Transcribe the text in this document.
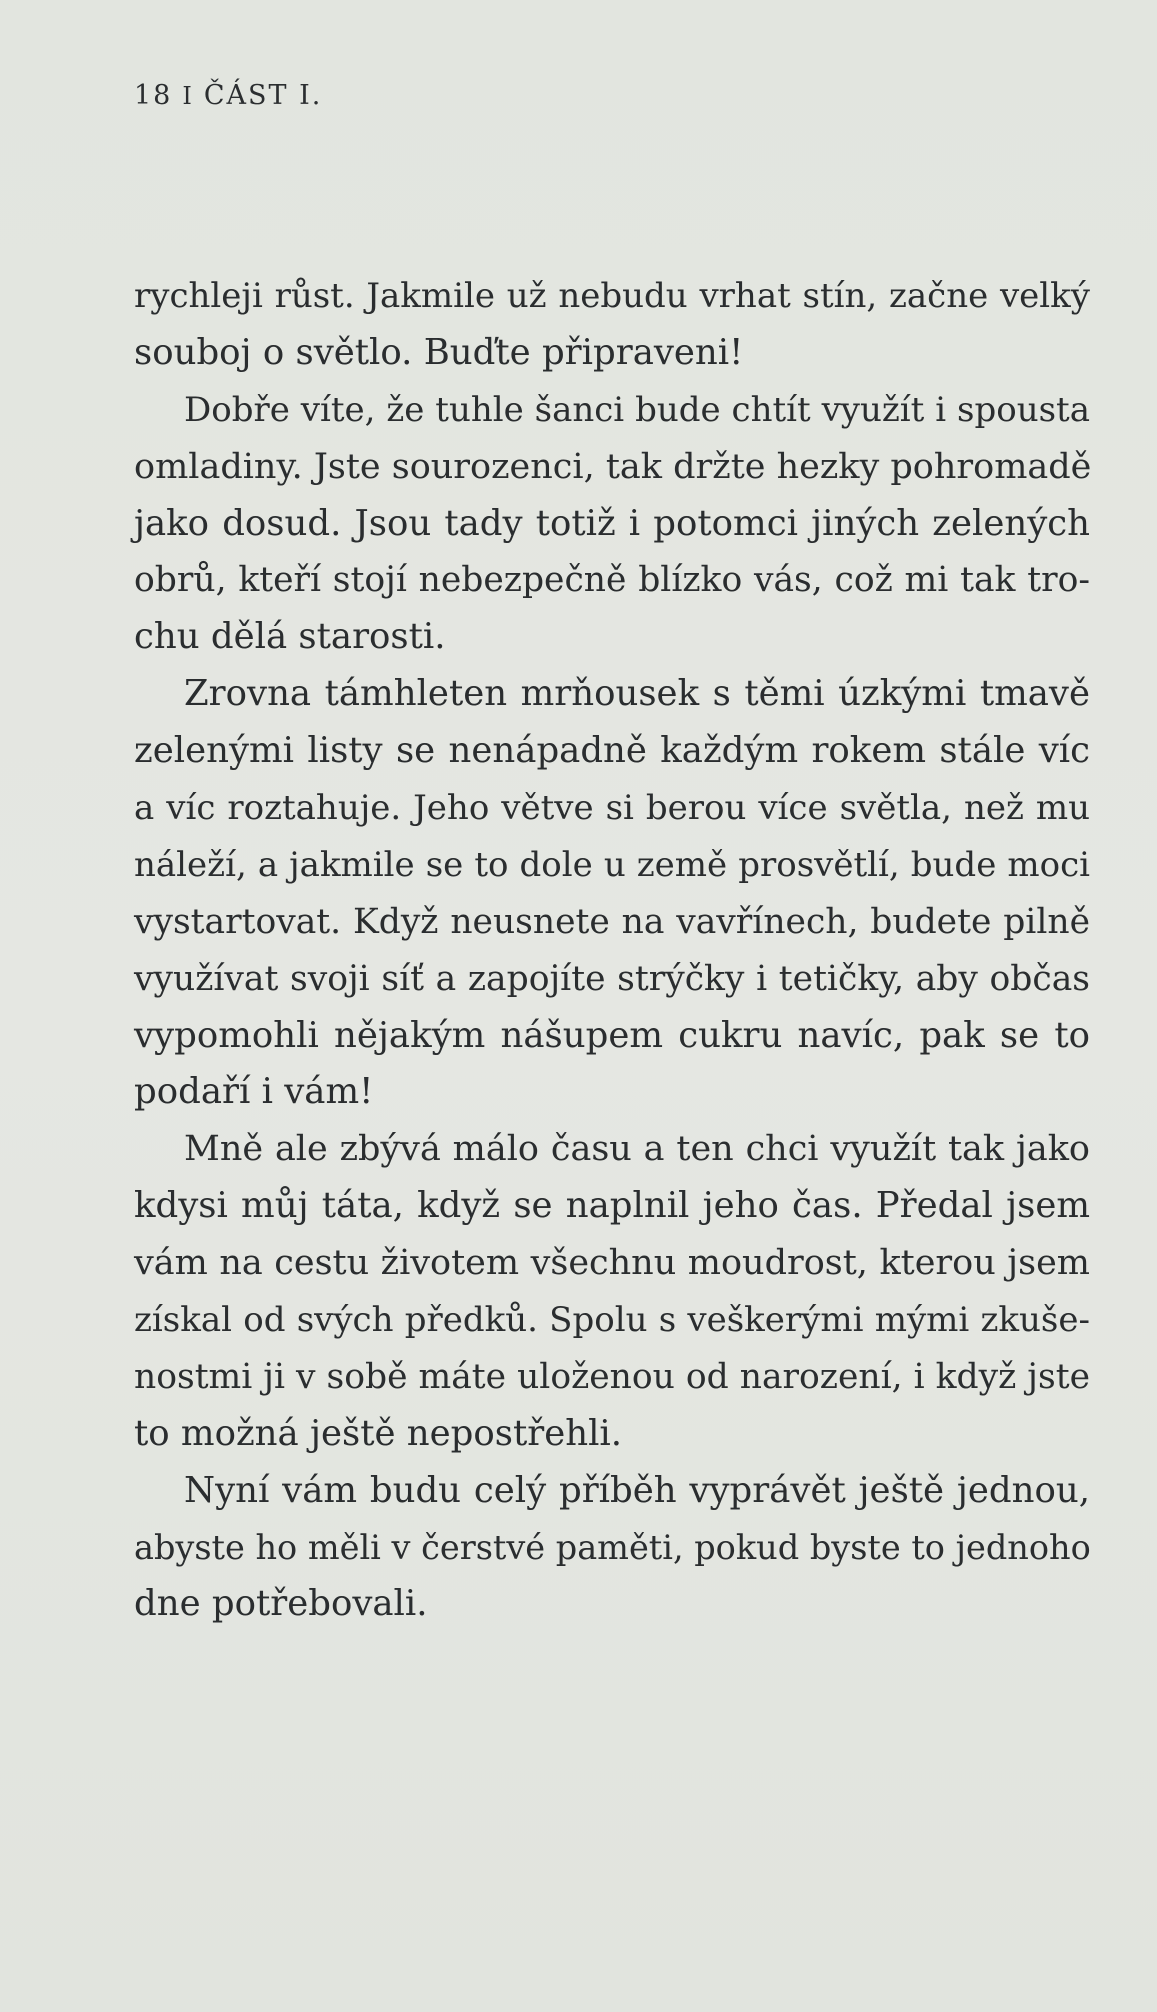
18 I ČÁST I.
rychleji růst. Jakmile už nebudu vrhat stín, začne velký
souboj o světlo. Buďte připraveni!
Dobře víte, že tuhle šanci bude chtít využít i spousta
omladiny. Jste sourozenci, tak držte hezky pohromadě
jako dosud. Jsou tady totiž i potomci jiných zelených
obrů, kteří stojí nebezpečně blízko vás, což mi tak tro-
chu dělá starosti.
Zrovna támhleten mrňousek s těmi úzkými tmavě
zelenými listy se nenápadně každým rokem stále víc
a víc roztahuje. Jeho větve si berou více světla, než mu
náleží, a jakmile se to dole u země prosvětlí, bude moci
vystartovat. Když neusnete na vavřínech, budete pilně
využívat svoji síť a zapojíte strýčky i tetičky, aby občas
vypomohli nějakým nášupem cukru navíc, pak se to
podaří i vám!
Mně ale zbývá málo času a ten chci využít tak jako
kdysi můj táta, když se naplnil jeho čas. Předal jsem
vám na cestu životem všechnu moudrost, kterou jsem
získal od svých předků. Spolu s veškerými mými zkuše-
nostmi ji v sobě máte uloženou od narození, i když jste
to možná ještě nepostřehli.
Nyní vám budu celý příběh vyprávět ještě jednou,
abyste ho měli v čerstvé paměti, pokud byste to jednoho
dne potřebovali.
